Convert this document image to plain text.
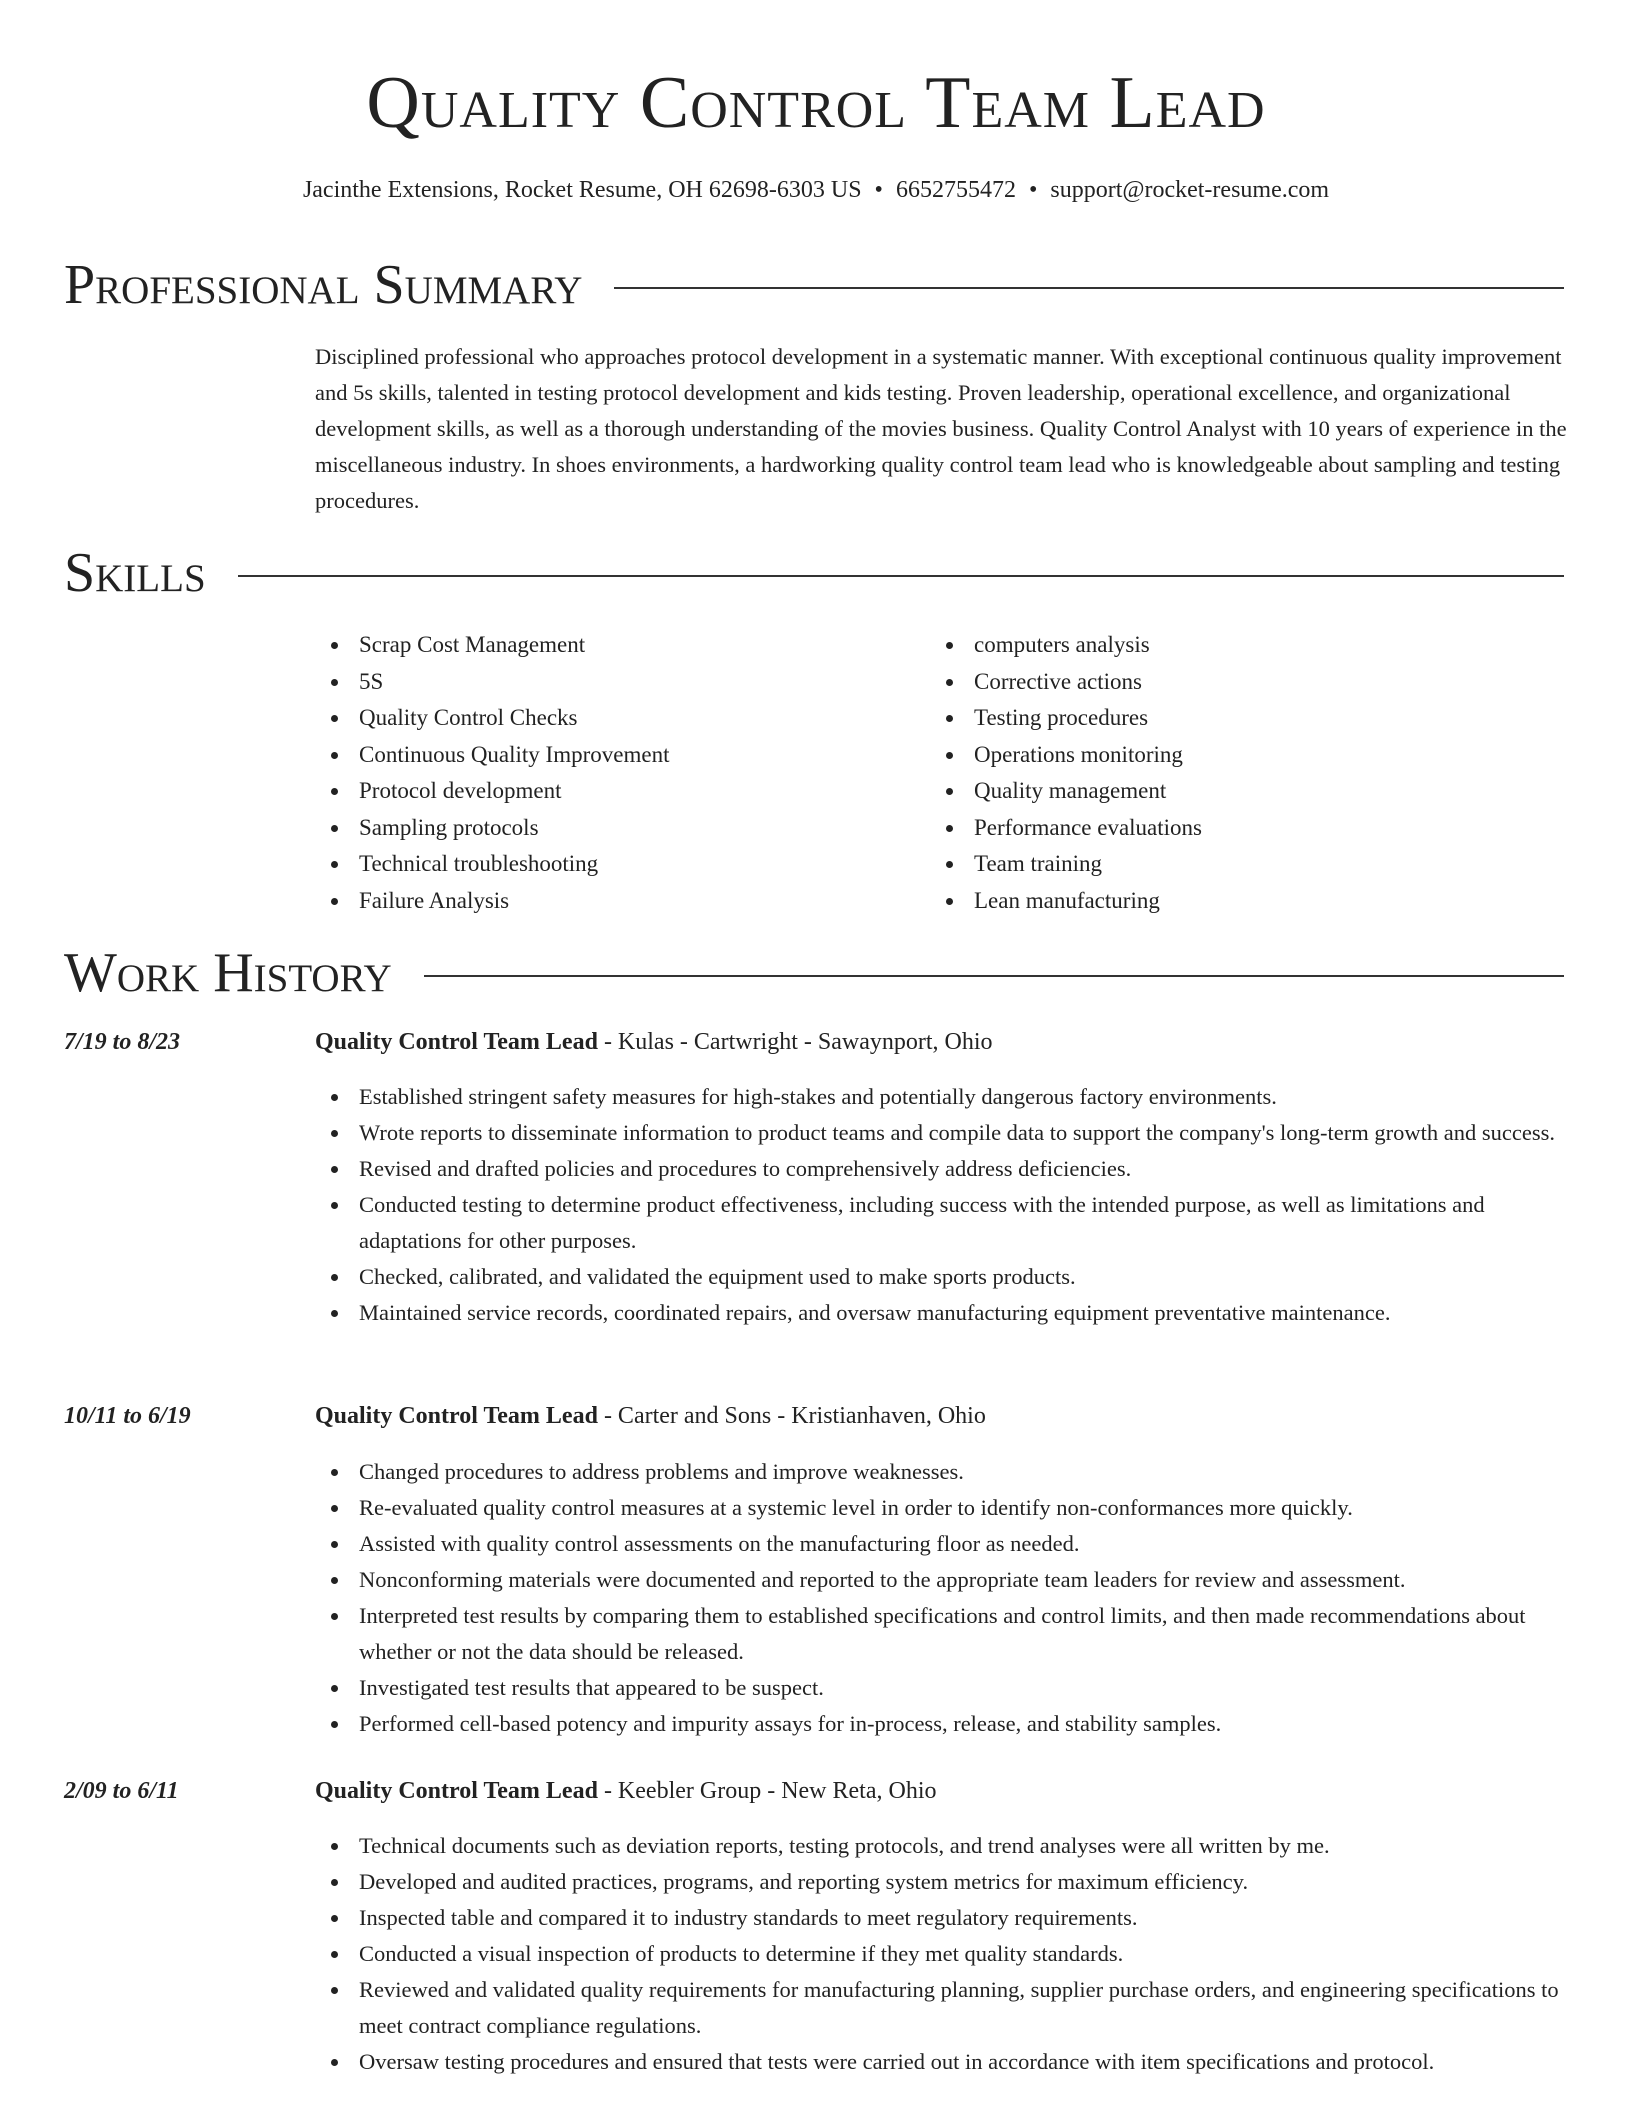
Quality Control Team Lead

Jacinthe Extensions, Rocket Resume, OH 62698-6303 US • 6652755472 • support@rocket-resume.com

Professional Summary

Disciplined professional who approaches protocol development in a systematic manner. With exceptional continuous quality improvement and 5s skills, talented in testing protocol development and kids testing. Proven leadership, operational excellence, and organizational development skills, as well as a thorough understanding of the movies business. Quality Control Analyst with 10 years of experience in the miscellaneous industry. In shoes environments, a hardworking quality control team lead who is knowledgeable about sampling and testing procedures.

Skills
Scrap Cost Management
5S
Quality Control Checks
Continuous Quality Improvement
Protocol development
Sampling protocols
Technical troubleshooting
Failure Analysis
computers analysis
Corrective actions
Testing procedures
Operations monitoring
Quality management
Performance evaluations
Team training
Lean manufacturing
Work History
7/19 to 8/23	Quality Control Team Lead - Kulas - Cartwright - Sawaynport, Ohio
Established stringent safety measures for high-stakes and potentially dangerous factory environments.
Wrote reports to disseminate information to product teams and compile data to support the company's long-term growth and success.
Revised and drafted policies and procedures to comprehensively address deficiencies.
Conducted testing to determine product effectiveness, including success with the intended purpose, as well as limitations and adaptations for other purposes.
Checked, calibrated, and validated the equipment used to make sports products.
Maintained service records, coordinated repairs, and oversaw manufacturing equipment preventative maintenance.
10/11 to 6/19	Quality Control Team Lead - Carter and Sons - Kristianhaven, Ohio
Changed procedures to address problems and improve weaknesses.
Re-evaluated quality control measures at a systemic level in order to identify non-conformances more quickly.
Assisted with quality control assessments on the manufacturing floor as needed.
Nonconforming materials were documented and reported to the appropriate team leaders for review and assessment.
Interpreted test results by comparing them to established specifications and control limits, and then made recommendations about whether or not the data should be released.
Investigated test results that appeared to be suspect.
Performed cell-based potency and impurity assays for in-process, release, and stability samples.
2/09 to 6/11	Quality Control Team Lead - Keebler Group - New Reta, Ohio
Technical documents such as deviation reports, testing protocols, and trend analyses were all written by me.
Developed and audited practices, programs, and reporting system metrics for maximum efficiency.
Inspected table and compared it to industry standards to meet regulatory requirements.
Conducted a visual inspection of products to determine if they met quality standards.
Reviewed and validated quality requirements for manufacturing planning, supplier purchase orders, and engineering specifications to meet contract compliance regulations.
Oversaw testing procedures and ensured that tests were carried out in accordance with item specifications and protocol.
